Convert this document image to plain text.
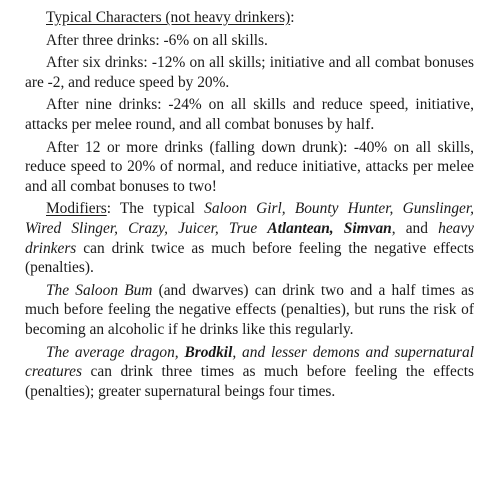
Typical Characters (not heavy drinkers):

After three drinks: -6% on all skills.

After six drinks: -12% on all skills; initiative and all combat bonuses are -2, and reduce speed by 20%.

After nine drinks: -24% on all skills and reduce speed, initiative, attacks per melee round, and all combat bonuses by half.

After 12 or more drinks (falling down drunk): -40% on all skills, reduce speed to 20% of normal, and reduce initiative, attacks per melee and all combat bonuses to two!

Modifiers: The typical Saloon Girl, Bounty Hunter, Gunslinger, Wired Slinger, Crazy, Juicer, True Atlantean, Simvan, and heavy drinkers can drink twice as much before feeling the negative effects (penalties).

The Saloon Bum (and dwarves) can drink two and a half times as much before feeling the negative effects (penalties), but runs the risk of becoming an alcoholic if he drinks like this regularly.

The average dragon, Brodkil, and lesser demons and supernatural creatures can drink three times as much before feeling the effects (penalties); greater supernatural beings four times.
